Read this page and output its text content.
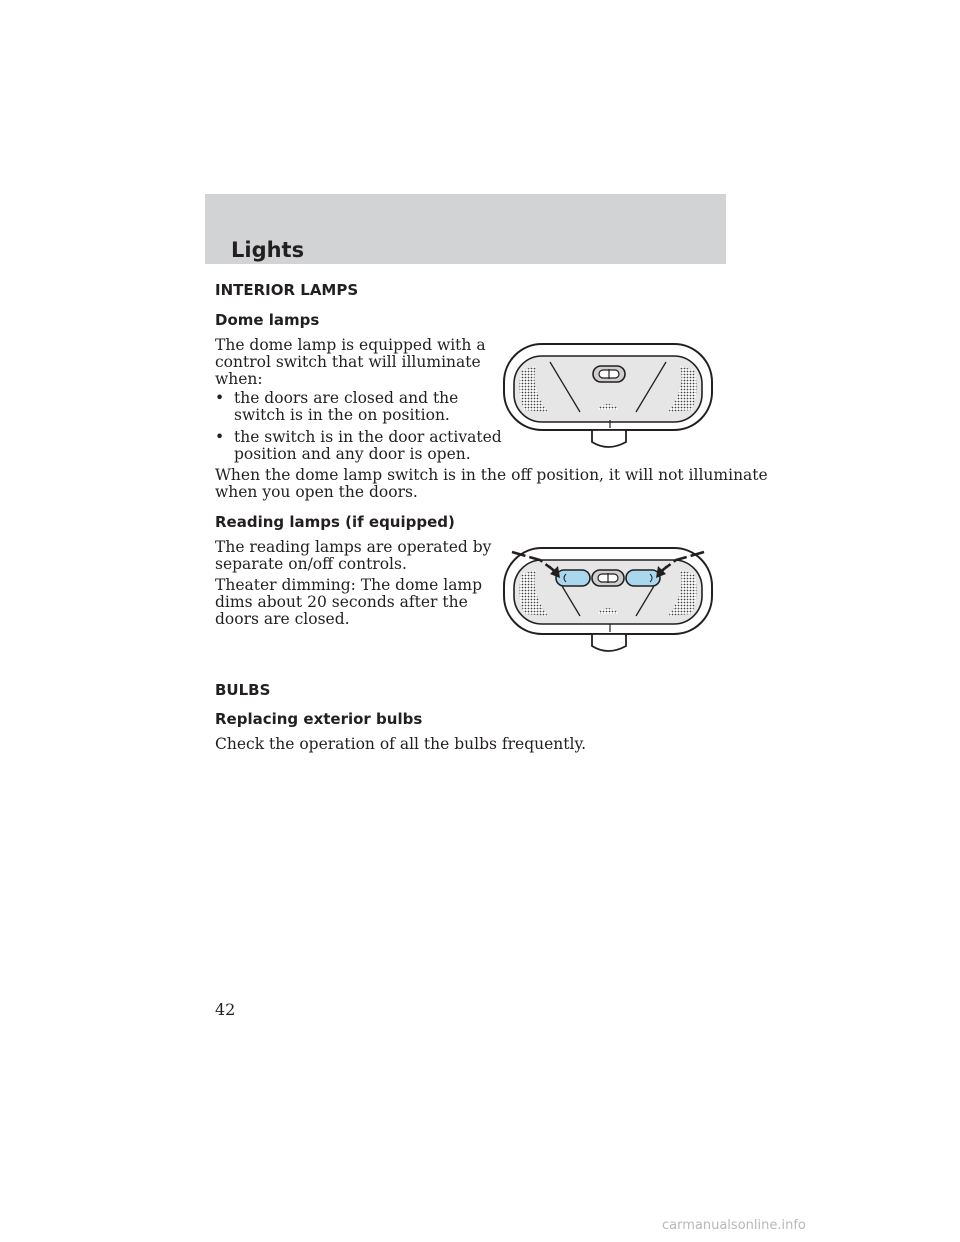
Lights
INTERIOR LAMPS
Dome lamps
The dome lamp is equipped with a
control switch that will illuminate
when:
• the doors are closed and the
switch is in the on position.
• the switch is in the door activated
position and any door is open.
When the dome lamp switch is in the off position, it will not illuminate
when you open the doors.
Reading lamps (if equipped)
The reading lamps are operated by
separate on/off controls.
Theater dimming: The dome lamp
dims about 20 seconds after the
doors are closed.
BULBS
Replacing exterior bulbs
Check the operation of all the bulbs frequently.
42
carmanualsonline.info
